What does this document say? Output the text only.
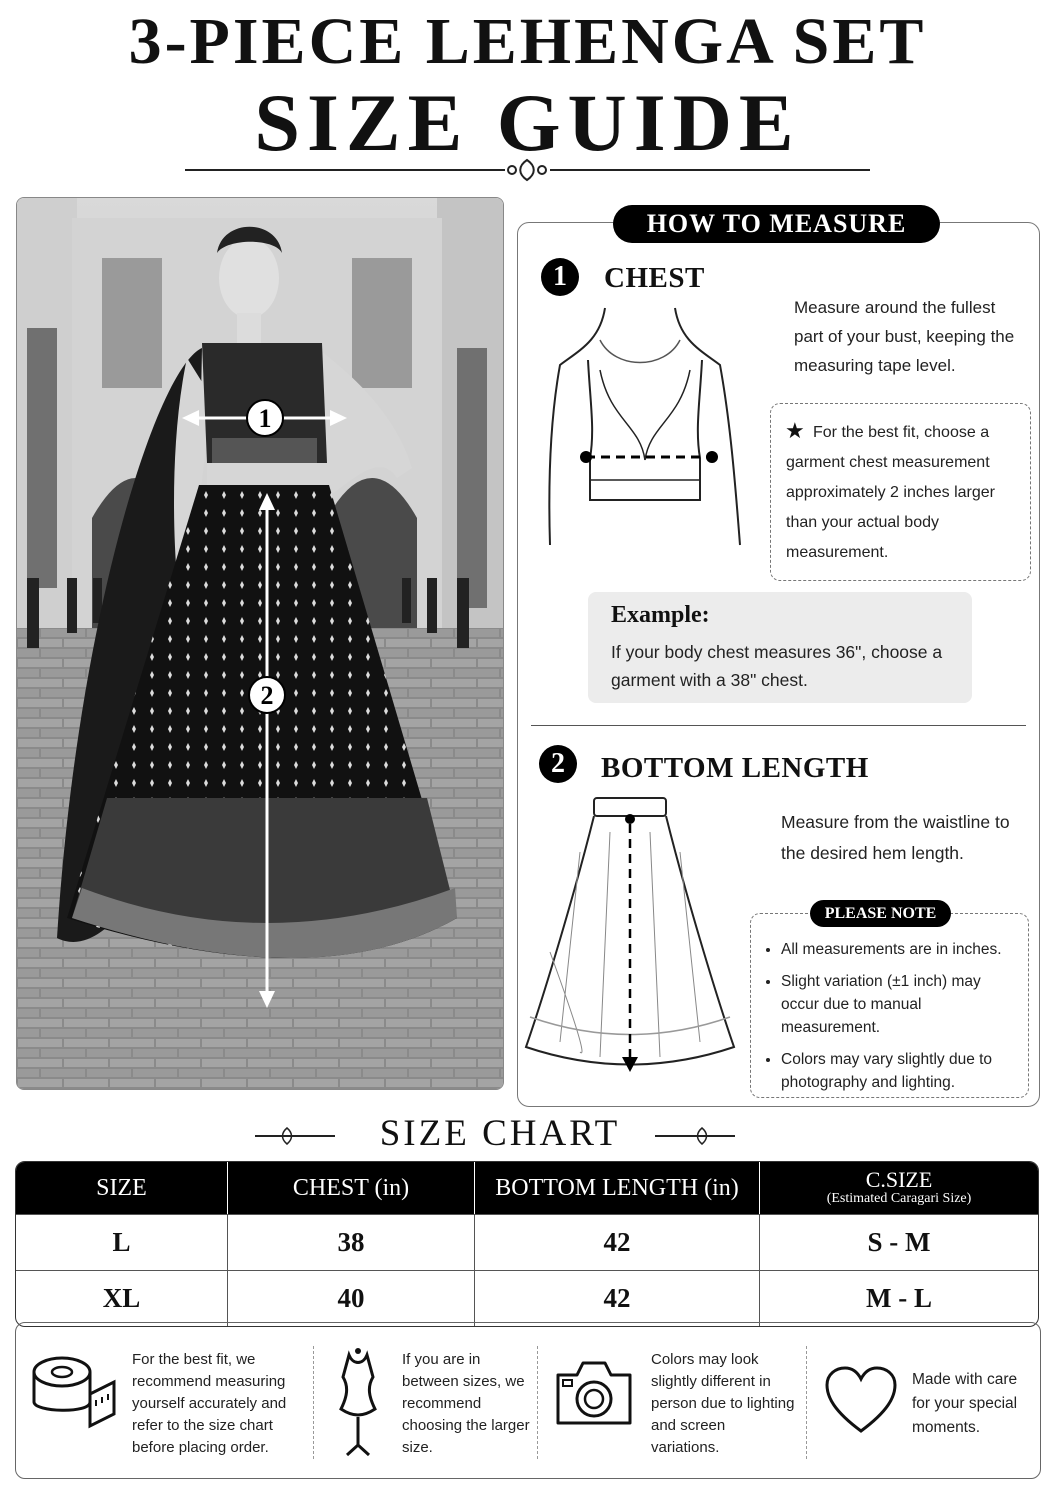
3-PIECE LEHENGA SET
SIZE GUIDE
1
2
HOW TO MEASURE
1	CHEST
Measure around the fullest part of your bust, keeping the measuring tape level.
★ For the best fit, choose a garment chest measurement approximately 2 inches larger than your actual body measurement.
Example:
If your body chest measures 36", choose a garment with a 38" chest.
2	BOTTOM LENGTH
Measure from the waistline to the desired hem length.
PLEASE NOTE
• All measurements are in inches.
• Slight variation (±1 inch) may occur due to manual measurement.
• Colors may vary slightly due to photography and lighting.
SIZE CHART
SIZE	CHEST (in)	BOTTOM LENGTH (in)	C.SIZE
(Estimated Caragari Size)

L	38	42	S - M
XL	40	42	M - L
For the best fit, we recommend measuring yourself accurately and refer to the size chart before placing order.
If you are in between sizes, we recommend choosing the larger size.
Colors may look slightly different in person due to lighting and screen variations.
Made with care for your special moments.
